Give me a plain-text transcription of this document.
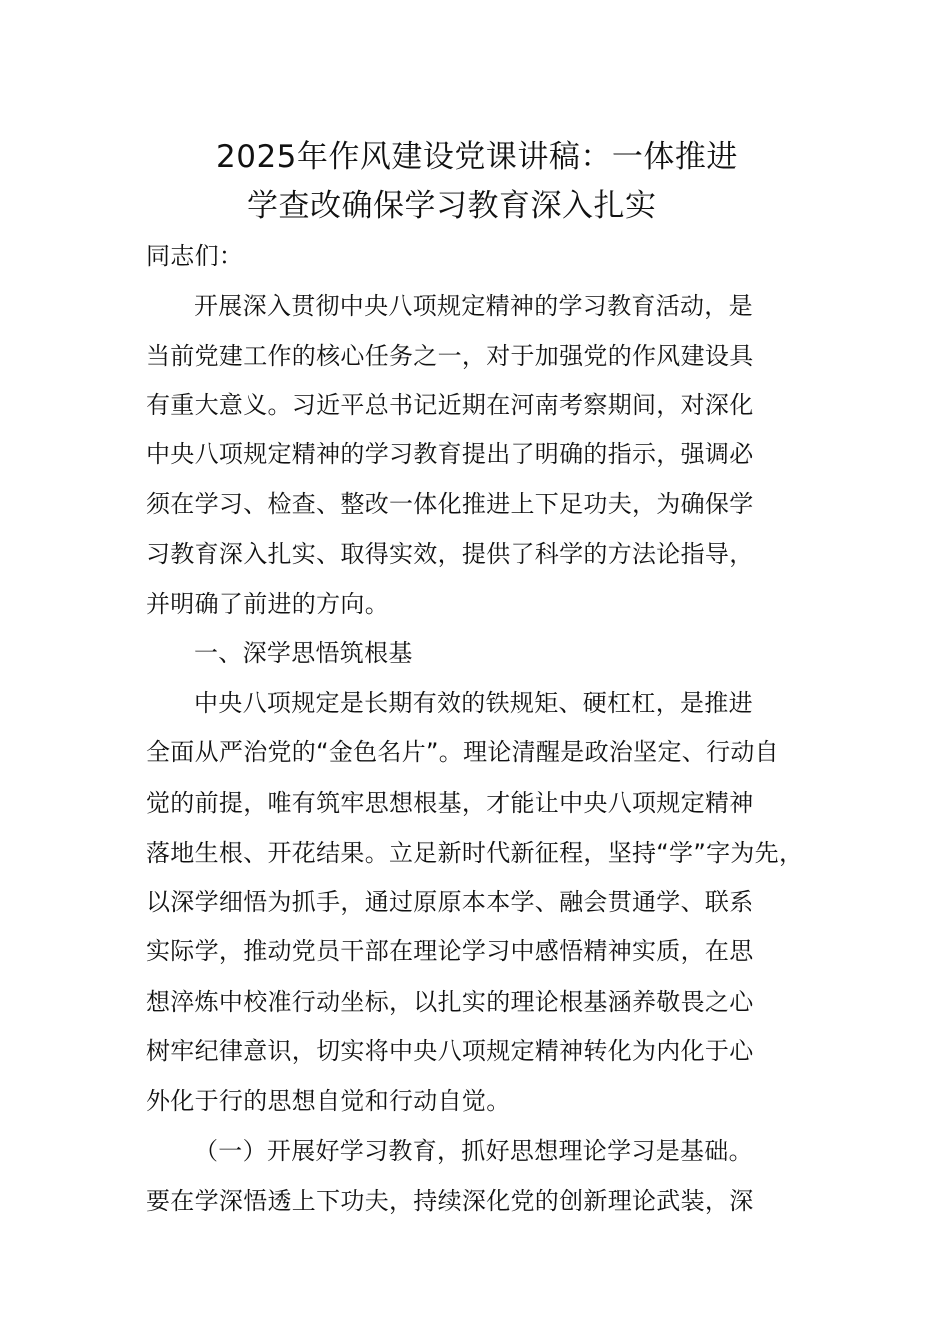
2025年作风建设党课讲稿：一体推进
学查改确保学习教育深入扎实
同志们：
开展深入贯彻中央八项规定精神的学习教育活动，是
当前党建工作的核心任务之一，对于加强党的作风建设具
有重大意义。习近平总书记近期在河南考察期间，对深化
中央八项规定精神的学习教育提出了明确的指示，强调必
须在学习、检查、整改一体化推进上下足功夫，为确保学
习教育深入扎实、取得实效，提供了科学的方法论指导，
并明确了前进的方向。
一、深学思悟筑根基
中央八项规定是长期有效的铁规矩、硬杠杠，是推进
全面从严治党的“金色名片”。理论清醒是政治坚定、行动自
觉的前提，唯有筑牢思想根基，才能让中央八项规定精神
落地生根、开花结果。立足新时代新征程，坚持“学”字为先，
以深学细悟为抓手，通过原原本本学、融会贯通学、联系
实际学，推动党员干部在理论学习中感悟精神实质，在思
想淬炼中校准行动坐标，以扎实的理论根基涵养敬畏之心
树牢纪律意识，切实将中央八项规定精神转化为内化于心
外化于行的思想自觉和行动自觉。
（一）开展好学习教育，抓好思想理论学习是基础。
要在学深悟透上下功夫，持续深化党的创新理论武装，深
